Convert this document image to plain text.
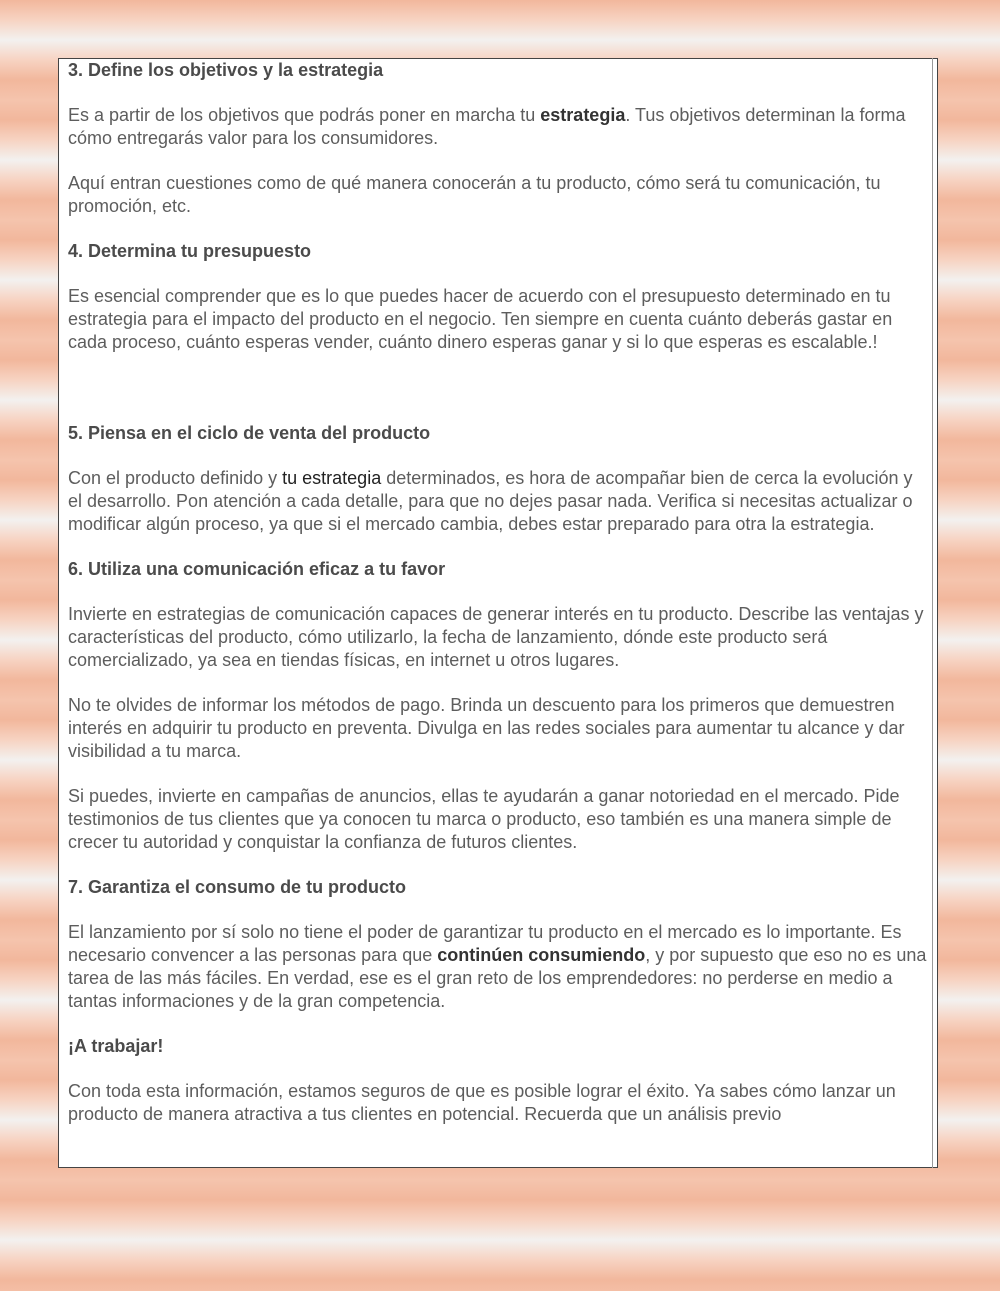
3. Define los objetivos y la estrategia

Es a partir de los objetivos que podrás poner en marcha tu estrategia. Tus objetivos determinan la forma cómo entregarás valor para los consumidores.

Aquí entran cuestiones como de qué manera conocerán a tu producto, cómo será tu comunicación, tu promoción, etc.

4. Determina tu presupuesto

Es esencial comprender que es lo que puedes hacer de acuerdo con el presupuesto determinado en tu estrategia para el impacto del producto en el negocio. Ten siempre en cuenta cuánto deberás gastar en cada proceso, cuánto esperas vender, cuánto dinero esperas ganar y si lo que esperas es escalable.!

5. Piensa en el ciclo de venta del producto

Con el producto definido y tu estrategia determinados, es hora de acompañar bien de cerca la evolución y el desarrollo. Pon atención a cada detalle, para que no dejes pasar nada. Verifica si necesitas actualizar o modificar algún proceso, ya que si el mercado cambia, debes estar preparado para otra la estrategia.

6. Utiliza una comunicación eficaz a tu favor

Invierte en estrategias de comunicación capaces de generar interés en tu producto. Describe las ventajas y características del producto, cómo utilizarlo, la fecha de lanzamiento, dónde este producto será comercializado, ya sea en tiendas físicas, en internet u otros lugares.

No te olvides de informar los métodos de pago. Brinda un descuento para los primeros que demuestren interés en adquirir tu producto en preventa. Divulga en las redes sociales para aumentar tu alcance y dar visibilidad a tu marca.

Si puedes, invierte en campañas de anuncios, ellas te ayudarán a ganar notoriedad en el mercado. Pide testimonios de tus clientes que ya conocen tu marca o producto, eso también es una manera simple de crecer tu autoridad y conquistar la confianza de futuros clientes.

7. Garantiza el consumo de tu producto

El lanzamiento por sí solo no tiene el poder de garantizar tu producto en el mercado es lo importante. Es necesario convencer a las personas para que continúen consumiendo, y por supuesto que eso no es una tarea de las más fáciles. En verdad, ese es el gran reto de los emprendedores: no perderse en medio a tantas informaciones y de la gran competencia.

¡A trabajar!

Con toda esta información, estamos seguros de que es posible lograr el éxito. Ya sabes cómo lanzar un producto de manera atractiva a tus clientes en potencial. Recuerda que un análisis previo
